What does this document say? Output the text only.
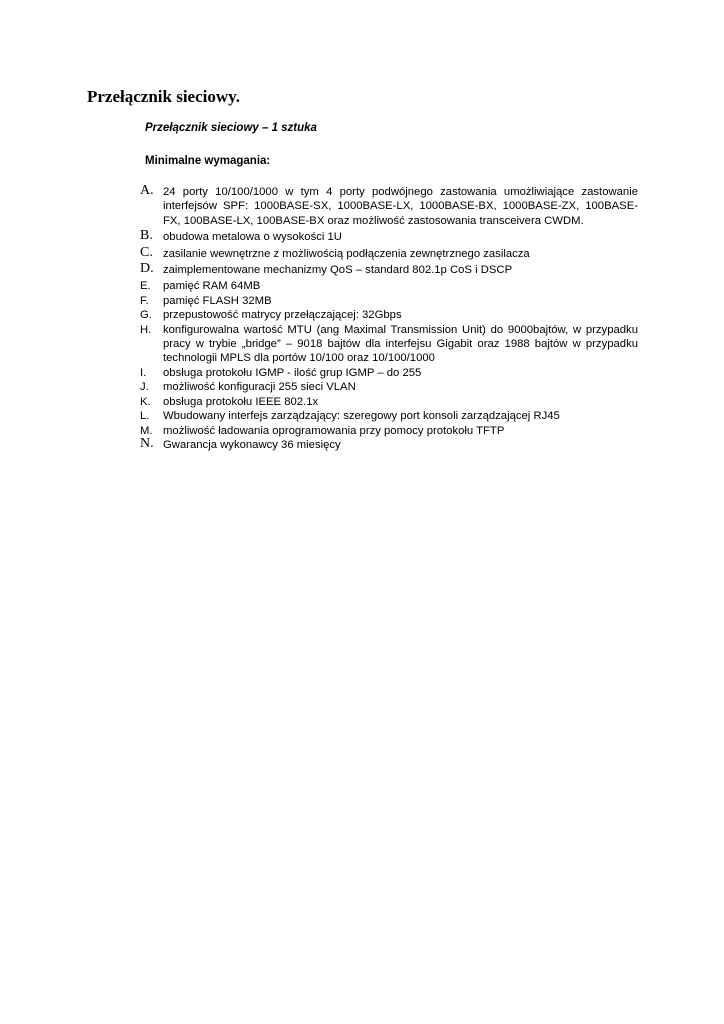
Przełącznik sieciowy.

Przełącznik sieciowy – 1 sztuka

Minimalne wymagania:

A. 24 porty 10/100/1000 w tym 4 porty podwójnego zastowania umożliwiające zastowanie interfejsów SPF: 1000BASE-SX, 1000BASE-LX, 1000BASE-BX, 1000BASE-ZX, 100BASE-FX, 100BASE-LX, 100BASE-BX oraz możliwość zastosowania transceivera CWDM.
B. obudowa metalowa o wysokości 1U
C. zasilanie wewnętrzne z możliwością podłączenia zewnętrznego zasilacza
D. zaimplementowane mechanizmy QoS – standard 802.1p CoS i DSCP
E. pamięć RAM 64MB
F. pamięć FLASH 32MB
G. przepustowość matrycy przełączającej: 32Gbps
H. konfigurowalna wartość MTU (ang Maximal Transmission Unit) do 9000bajtów, w przypadku pracy w trybie „bridge” – 9018 bajtów dla interfejsu Gigabit oraz 1988 bajtów w przypadku technologii MPLS dla portów 10/100 oraz 10/100/1000
I. obsługa protokołu IGMP - ilość grup IGMP – do 255
J. możliwość konfiguracji 255 sieci VLAN
K. obsługa protokołu IEEE 802.1x
L. Wbudowany interfejs zarządzający: szeregowy port konsoli zarządzającej RJ45
M. możliwość ładowania oprogramowania przy pomocy protokołu TFTP
N. Gwarancja wykonawcy 36 miesięcy
